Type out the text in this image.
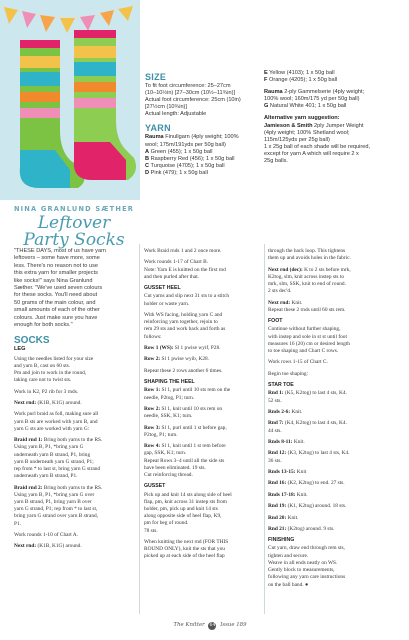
NINA GRANLUND SÆTHER
Leftover
Party Socks
SIZE
To fit foot circumference: 25–27cm
(10–10½in) [27–30cm (10½–11¾in)]
Actual foot circumference: 25cm (10in)
[27½cm (10¾in)]
Actual length: Adjustable
YARN
Rauma Finullgarn (4ply weight; 100%
wool; 175m/191yds per 50g ball)
A Green (455); 1 x 50g ball
B Raspberry Red (456); 1 x 50g ball
C Turquoise (4705); 1 x 50g ball
D Pink (479); 1 x 50g ball
E Yellow (4103); 1 x 50g ball
F Orange (4205); 1 x 50g ball
Rauma 2-ply Gammelserie (4ply weight;
100% wool; 160m/175 yd per 50g ball)
G Natural White 401; 1 x 50g ball
Alternative yarn suggestion:
Jamieson & Smith 2ply Jumper Weight
(4ply weight; 100% Shetland wool;
115m/125yds per 25g ball)
1 x 25g ball of each shade will be required,
except for yarn A which will require 2 x
25g balls.
"THESE DAYS, most of us have yarn
leftovers – some have more, some
less. There's no reason not to use
this extra yarn for smaller projects
like socks!" says Nina Granlund
Sæther. "We've used seven colours
for these socks. You'll need about
50 grams of the main colour, and
small amounts of each of the other
colours. Just make sure you have
enough for both socks."
SOCKS
LEG
Using the needles listed for your size
and yarn B, cast on 60 sts.
Pm and join to work in the round,
taking care not to twist sts.
Work in K2, P2 rib for 3 rnds.
Next rnd: (K1B, K1G) around.
Work purl braid as foll, making sure all
yarn B sts are worked with yarn B, and
yarn G sts are worked with yarn G:
Braid rnd 1: Bring both yarns to the RS.
Using yarn B, P1, *bring yarn G
underneath yarn B strand, P1, bring
yarn B underneath yarn G strand, P1;
rep from * to last st, bring yarn G strand
underneath yarn B strand, P1.
Braid rnd 2: Bring both yarns to the RS.
Using yarn B, P1, *bring yarn G over
yarn B strand, P1, bring yarn B over
yarn G strand, P1; rep from * to last st,
bring yarn G strand over yarn B strand,
P1.
Work rounds 1-10 of Chart A.
Next rnd: (K1B, K1G) around.
Work Braid rnds 1 and 2 once more.
Work rounds 1-17 of Chart B.
Note: Yarn E is knitted on the first rnd
and then purled after that.
GUSSET HEEL
Cut yarns and slip next 31 sts to a stitch
holder or waste yarn.
With WS facing, holding yarn C and
reinforcing yarn together, rejoin to
rem 29 sts and work back and forth as
follows:
Row 1 (WS): Sl 1 pwise wyif, P28.
Row 2: Sl 1 pwise wyib, K28.
Repeat these 2 rows another 6 times.
SHAPING THE HEEL
Row 1: Sl 1, purl until 10 sts rem on the
needle, P2tog, P1; turn.
Row 2: Sl 1, knit until 10 sts rem on
needle, SSK, K1; turn.
Row 3: Sl 1, purl until 1 st before gap,
P2tog, P1; turn.
Row 4: Sl 1, knit until 1 st rem before
gap, SSK, K1; turn.
Repeat Rows 3–4 until all the side sts
have been eliminated. 19 sts.
Cut reinforcing thread.
GUSSET
Pick up and knit 14 sts along side of heel
flap, pm, knit across 31 instep sts from
holder, pm, pick up and knit 14 sts
along opposite side of heel flap, K9,
pm for beg of round.
78 sts.
When knitting the next rnd (FOR THIS
ROUND ONLY), knit the sts that you
picked up at each side of the heel flap
through the back loop. This tightens
them up and avoids holes in the fabric.
Next rnd (dec): K to 2 sts before mrk,
K2tog, slm, knit across instep sts to
mrk, slm, SSK, knit to end of round.
2 sts dec'd.
Next rnd: Knit.
Repeat these 2 rnds until 60 sts rem.
FOOT
Continue without further shaping,
with instep and sole in st st until foot
measures 16 (20) cm or desired length
to toe shaping and Chart C rows.
Work rows 1-15 of Chart C.
Begin toe shaping:
STAR TOE
Rnd 1: (K5, K2tog) to last 4 sts, K4.
52 sts.
Rnds 2-6: Knit.
Rnd 7: (K4, K2tog) to last 4 sts, K4.
44 sts.
Rnds 8-11: Knit.
Rnd 12: (K3, K2tog) to last 4 sts, K4.
36 sts.
Rnds 13-15: Knit
Rnd 16: (K2, K2tog) to end. 27 sts.
Rnds 17-18: Knit.
Rnd 19: (K1, K2tog) around. 18 sts.
Rnd 20: Knit.
Rnd 21: (K2tog) around. 9 sts.
FINISHING
Cut yarn, draw end through rem sts,
tighten and secure.
Weave in all ends neatly on WS.
Gently block to measurements,
following any yarn care instructions
on the ball band. ●
The Knitter 64 Issue 189
